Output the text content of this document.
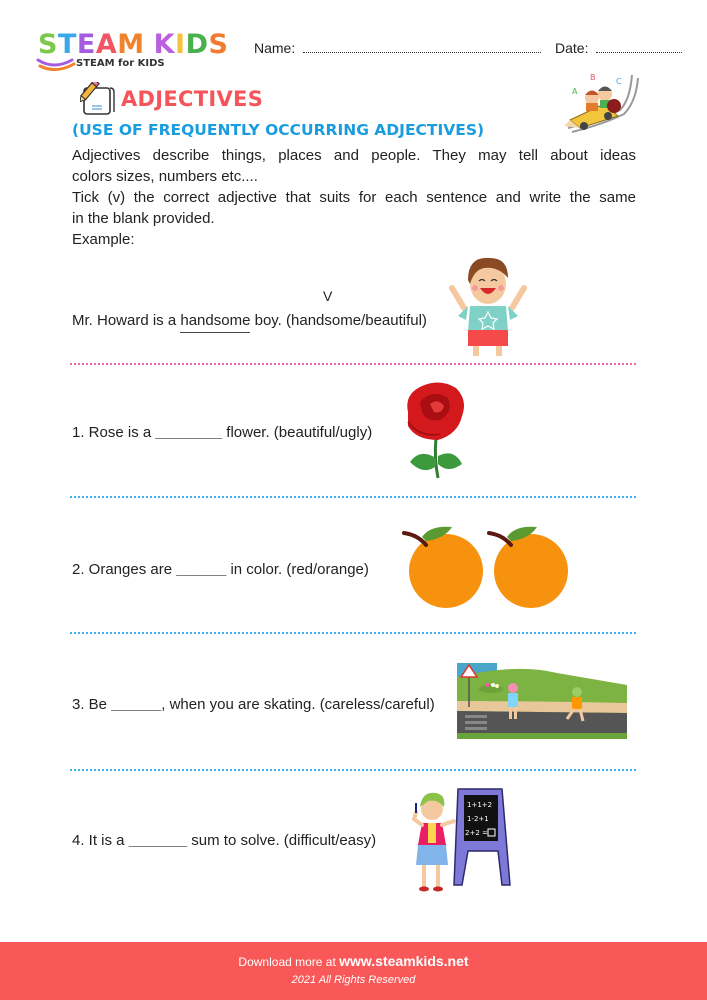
STEAM KIDS
STEAM for KIDS
Name:	Date:
ADJECTIVES
(USE OF FREQUENTLY OCCURRING ADJECTIVES)
B	C
A

Adjectives describe things, places and people. They may tell about ideas

colors sizes, numbers etc....

Tick (v) the correct adjective that suits for each sentence and write the same

in the blank provided.

Example:

V
Mr. Howard is a handsome boy. (handsome/beautiful)
1. Rose is a ________ flower. (beautiful/ugly)
2. Oranges are ______ in color. (red/orange)
3. Be ______, when you are skating. (careless/careful)
4. It is a _______ sum to solve. (difficult/easy)
1+1+2
1-2+1
2+2 =
Download more at www.steamkids.net
2021 All Rights Reserved
